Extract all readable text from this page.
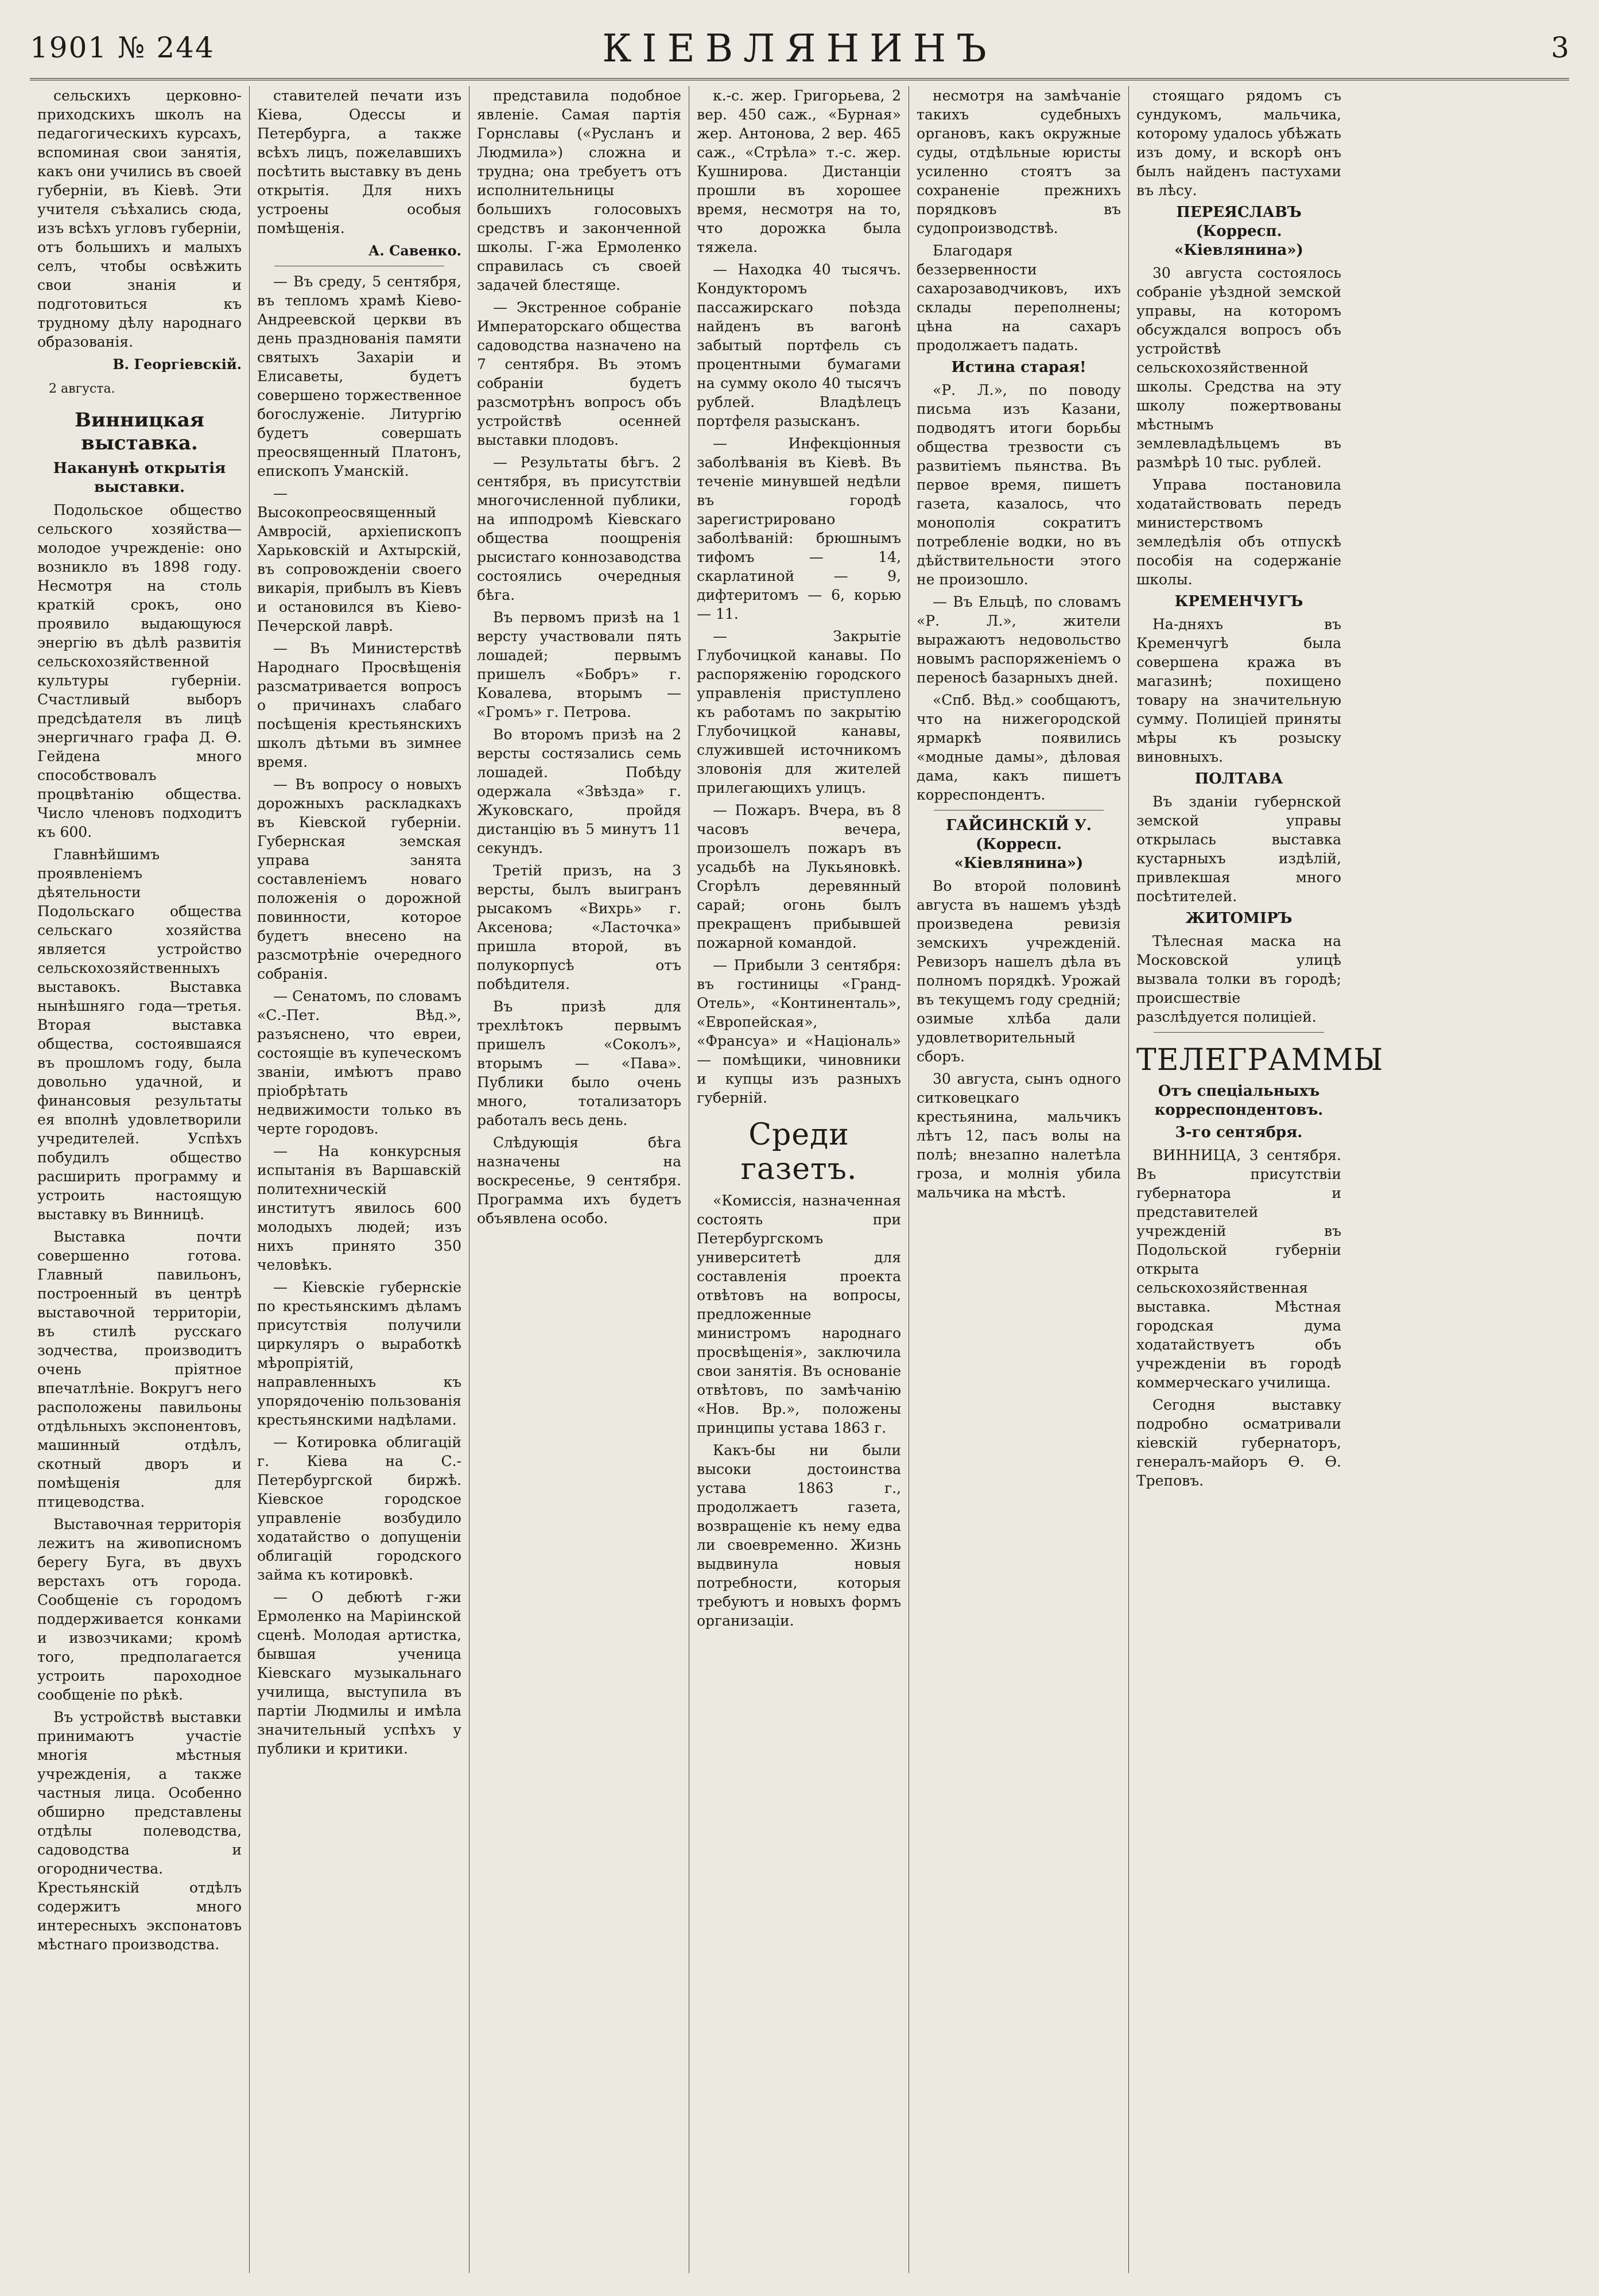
1901 № 244	КІЕВЛЯНИНЪ	3

сельскихъ церковно-приходскихъ школъ на педагогическихъ курсахъ, вспоминая свои занятія, какъ они учились въ своей губерніи, въ Кіевѣ. Эти учителя съѣхались сюда, изъ всѣхъ угловъ губерніи, отъ большихъ и малыхъ селъ, чтобы освѣжить свои знанія и подготовиться къ трудному дѣлу народнаго образованія.

В. Георгіевскій.
2 августа.
Винницкая выставка.
Наканунѣ открытія выставки.

Подольское общество сельского хозяйства—молодое учрежденіе: оно возникло въ 1898 году. Несмотря на столь краткій срокъ, оно проявило выдающуюся энергію въ дѣлѣ развитія сельскохозяйственной культуры губерніи. Счастливый выборъ предсѣдателя въ лицѣ энергичнаго графа Д. Ѳ. Гейдена много способствовалъ процвѣтанію общества. Число членовъ подходитъ къ 600.

Главнѣйшимъ проявленіемъ дѣятельности Подольскаго общества сельскаго хозяйства является устройство сельскохозяйственныхъ выставокъ. Выставка нынѣшняго года—третья. Вторая выставка общества, состоявшаяся въ прошломъ году, была довольно удачной, и финансовыя результаты ея вполнѣ удовлетворили учредителей. Успѣхъ побудилъ общество расширить программу и устроить настоящую выставку въ Винницѣ.

Выставка почти совершенно готова. Главный павильонъ, построенный въ центрѣ выставочной территоріи, въ стилѣ русскаго зодчества, производитъ очень пріятное впечатлѣніе. Вокругъ него расположены павильоны отдѣльныхъ экспонентовъ, машинный отдѣлъ, скотный дворъ и помѣщенія для птицеводства.

Выставочная территорія лежитъ на живописномъ берегу Буга, въ двухъ верстахъ отъ города. Сообщеніе съ городомъ поддерживается конками и извозчиками; кромѣ того, предполагается устроить пароходное сообщеніе по рѣкѣ.

Въ устройствѣ выставки принимаютъ участіе многія мѣстныя учрежденія, а также частныя лица. Особенно обширно представлены отдѣлы полеводства, садоводства и огородничества. Крестьянскій отдѣлъ содержитъ много интересныхъ экспонатовъ мѣстнаго производства.

ставителей печати изъ Кіева, Одессы и Петербурга, а также всѣхъ лицъ, пожелавшихъ посѣтить выставку въ день открытія. Для нихъ устроены особыя помѣщенія.

А. Савенко.

— Въ среду, 5 сентября, въ тепломъ храмѣ Кіево-Андреевской церкви въ день празднованія памяти святыхъ Захаріи и Елисаветы, будетъ совершено торжественное богослуженіе. Литургію будетъ совершать преосвященный Платонъ, епископъ Уманскій.

— Высокопреосвященный Амвросій, архіепископъ Харьковскій и Ахтырскій, въ сопровожденіи своего викарія, прибылъ въ Кіевъ и остановился въ Кіево-Печерской лаврѣ.

— Въ Министерствѣ Народнаго Просвѣщенія разсматривается вопросъ о причинахъ слабаго посѣщенія крестьянскихъ школъ дѣтьми въ зимнее время.

— Въ вопросу о новыхъ дорожныхъ раскладкахъ въ Кіевской губерніи. Губернская земская управа занята составленіемъ новаго положенія о дорожной повинности, которое будетъ внесено на разсмотрѣніе очередного собранія.

— Сенатомъ, по словамъ «С.-Пет. Вѣд.», разъяснено, что евреи, состоящіе въ купеческомъ званіи, имѣютъ право пріобрѣтать недвижимости только въ черте городовъ.

— На конкурсныя испытанія въ Варшавскій политехническій институтъ явилось 600 молодыхъ людей; изъ нихъ принято 350 человѣкъ.

— Кіевскіе губернскіе по крестьянскимъ дѣламъ присутствія получили циркуляръ о выработкѣ мѣропріятій, направленныхъ къ упорядоченію пользованія крестьянскими надѣлами.

— Котировка облигацій г. Кіева на С.-Петербургской биржѣ. Кіевское городское управленіе возбудило ходатайство о допущеніи облигацій городского займа къ котировкѣ.

— О дебютѣ г-жи Ермоленко на Маріинской сценѣ. Молодая артистка, бывшая ученица Кіевскаго музыкальнаго училища, выступила въ партіи Людмилы и имѣла значительный успѣхъ у публики и критики.

представила подобное явленіе. Самая партія Горнславы («Русланъ и Людмила») сложна и трудна; она требуетъ отъ исполнительницы большихъ голосовыхъ средствъ и законченной школы. Г-жа Ермоленко справилась съ своей задачей блестяще.

— Экстренное собраніе Императорскаго общества садоводства назначено на 7 сентября. Въ этомъ собраніи будетъ разсмотрѣнъ вопросъ объ устройствѣ осенней выставки плодовъ.

— Результаты бѣгъ. 2 сентября, въ присутствіи многочисленной публики, на ипподромѣ Кіевскаго общества поощренія рысистаго коннозаводства состоялись очередныя бѣга.

Въ первомъ призѣ на 1 версту участвовали пять лошадей; первымъ пришелъ «Бобръ» г. Ковалева, вторымъ — «Громъ» г. Петрова.

Во второмъ призѣ на 2 версты состязались семь лошадей. Побѣду одержала «Звѣзда» г. Жуковскаго, пройдя дистанцію въ 5 минутъ 11 секундъ.

Третій призъ, на 3 версты, былъ выигранъ рысакомъ «Вихрь» г. Аксенова; «Ласточка» пришла второй, въ полукорпусѣ отъ побѣдителя.

Въ призѣ для трехлѣтокъ первымъ пришелъ «Соколъ», вторымъ — «Пава». Публики было очень много, тотализаторъ работалъ весь день.

Слѣдующія бѣга назначены на воскресенье, 9 сентября. Программа ихъ будетъ объявлена особо.

к.-с. жер. Григорьева, 2 вер. 450 саж., «Бурная» жер. Антонова, 2 вер. 465 саж., «Стрѣла» т.-с. жер. Кушнирова. Дистанціи прошли въ хорошее время, несмотря на то, что дорожка была тяжела.

— Находка 40 тысячъ. Кондукторомъ пассажирскаго поѣзда найденъ въ вагонѣ забытый портфель съ процентными бумагами на сумму около 40 тысячъ рублей. Владѣлецъ портфеля разысканъ.

— Инфекціонныя заболѣванія въ Кіевѣ. Въ теченіе минувшей недѣли въ городѣ зарегистрировано заболѣваній: брюшнымъ тифомъ — 14, скарлатиной — 9, дифтеритомъ — 6, корью — 11.

— Закрытіе Глубочицкой канавы. По распоряженію городского управленія приступлено къ работамъ по закрытію Глубочицкой канавы, служившей источникомъ зловонія для жителей прилегающихъ улицъ.

— Пожаръ. Вчера, въ 8 часовъ вечера, произошелъ пожаръ въ усадьбѣ на Лукьяновкѣ. Сгорѣлъ деревянный сарай; огонь былъ прекращенъ прибывшей пожарной командой.

— Прибыли 3 сентября: въ гостиницы «Гранд-Отель», «Континенталь», «Европейская», «Франсуа» и «Національ» — помѣщики, чиновники и купцы изъ разныхъ губерній.

Среди газетъ.

«Комиссія, назначенная состоять при Петербургскомъ университетѣ для составленія проекта отвѣтовъ на вопросы, предложенные министромъ народнаго просвѣщенія», заключила свои занятія. Въ основаніе отвѣтовъ, по замѣчанію «Нов. Вр.», положены принципы устава 1863 г.

Какъ-бы ни были высоки достоинства устава 1863 г., продолжаетъ газета, возвращеніе къ нему едва ли своевременно. Жизнь выдвинула новыя потребности, которыя требуютъ и новыхъ формъ организаціи.

несмотря на замѣчаніе такихъ судебныхъ органовъ, какъ окружные суды, отдѣльные юристы усиленно стоятъ за сохраненіе прежнихъ порядковъ въ судопроизводствѣ.

Благодаря беззервенности сахарозаводчиковъ, ихъ склады переполнены; цѣна на сахаръ продолжаетъ падать.

Истина старая!

«Р. Л.», по поводу письма изъ Казани, подводятъ итоги борьбы общества трезвости съ развитіемъ пьянства. Въ первое время, пишетъ газета, казалось, что монополія сократитъ потребленіе водки, но въ дѣйствительности этого не произошло.

— Въ Ельцѣ, по словамъ «Р. Л.», жители выражаютъ недовольство новымъ распоряженіемъ о переносѣ базарныхъ дней.

«Спб. Вѣд.» сообщаютъ, что на нижегородской ярмаркѣ появились «модные дамы», дѣловая дама, какъ пишетъ корреспондентъ.

ГАЙСИНСКІЙ У. (Корресп. «Кіевлянина»)

Во второй половинѣ августа въ нашемъ уѣздѣ произведена ревизія земскихъ учрежденій. Ревизоръ нашелъ дѣла въ полномъ порядкѣ. Урожай въ текущемъ году средній; озимые хлѣба дали удовлетворительный сборъ.

30 августа, сынъ одного ситковецкаго крестьянина, мальчикъ лѣтъ 12, пасъ волы на полѣ; внезапно налетѣла гроза, и молнія убила мальчика на мѣстѣ.

стоящаго рядомъ съ сундукомъ, мальчика, которому удалось убѣжать изъ дому, и вскорѣ онъ былъ найденъ пастухами въ лѣсу.

ПЕРЕЯСЛАВЪ (Корресп. «Кіевлянина»)

30 августа состоялось собраніе уѣздной земской управы, на которомъ обсуждался вопросъ объ устройствѣ сельскохозяйственной школы. Средства на эту школу пожертвованы мѣстнымъ землевладѣльцемъ въ размѣрѣ 10 тыс. рублей.

Управа постановила ходатайствовать передъ министерствомъ земледѣлія объ отпускѣ пособія на содержаніе школы.

КРЕМЕНЧУГЪ

На-дняхъ въ Кременчугѣ была совершена кража въ магазинѣ; похищено товару на значительную сумму. Полиціей приняты мѣры къ розыску виновныхъ.

ПОЛТАВА

Въ зданіи губернской земской управы открылась выставка кустарныхъ издѣлій, привлекшая много посѣтителей.

ЖИТОМІРЪ

Тѣлесная маска на Московской улицѣ вызвала толки въ городѣ; происшествіе разслѣдуется полиціей.

ТЕЛЕГРАММЫ
Отъ спеціальныхъ корреспондентовъ.
3-го сентября.

ВИННИЦА, 3 сентября. Въ присутствіи губернатора и представителей учрежденій въ Подольской губерніи открыта сельскохозяйственная выставка. Мѣстная городская дума ходатайствуетъ объ учрежденіи въ городѣ коммерческаго училища.

Сегодня выставку подробно осматривали кіевскій губернаторъ, генералъ-майоръ Ѳ. Ѳ. Треповъ.
